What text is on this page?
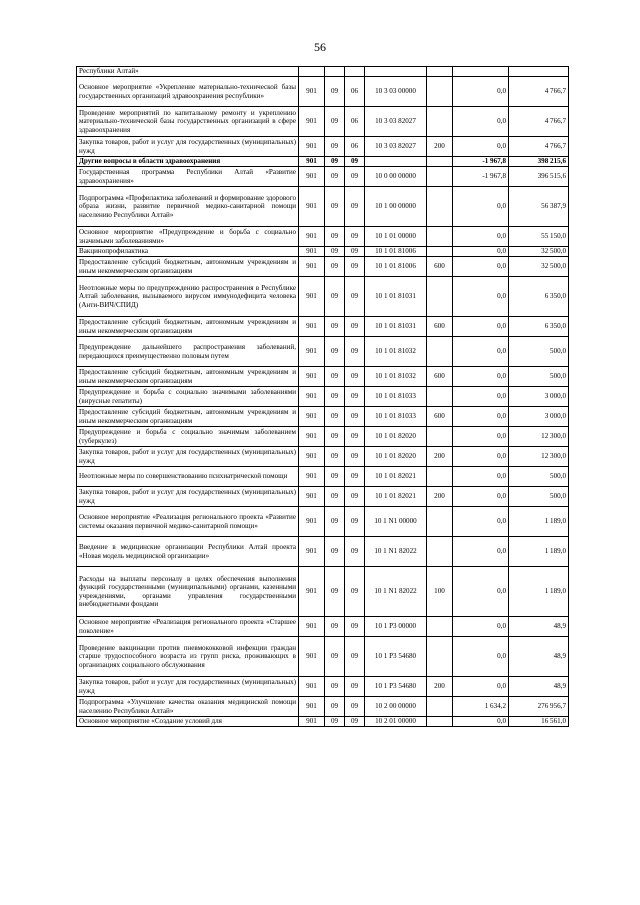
56
Республики Алтай»							
Основное мероприятие «Укрепление материально-технической базы государственных организаций здравоохранения республики»	901	09	06	10 3 03 00000		0,0	4 766,7
Проведение мероприятий по капитальному ремонту и укреплению материально-технической базы государственных организаций в сфере здравоохранения	901	09	06	10 3 03 82027		0,0	4 766,7
Закупка товаров, работ и услуг для государственных (муниципальных) нужд	901	09	06	10 3 03 82027	200	0,0	4 766,7
Другие вопросы в области здравоохранения	901	09	09			-1 967,8	398 215,6
Государственная программа Республики Алтай «Развитие здравоохранения»	901	09	09	10 0 00 00000		-1 967,8	396 515,6
Подпрограмма «Профилактика заболеваний и формирование здорового образа жизни, развитие первичной медико-санитарной помощи населению Республики Алтай»	901	09	09	10 1 00 00000		0,0	56 387,9
Основное мероприятие «Предупреждение и борьба с социально значимыми заболеваниями»	901	09	09	10 1 01 00000		0,0	55 150,0
Вакцинопрофилактика	901	09	09	10 1 01 81006		0,0	32 500,0
Предоставление субсидий бюджетным, автономным учреждениям и иным некоммерческим организациям	901	09	09	10 1 01 81006	600	0,0	32 500,0
Неотложные меры по предупреждению распространения в Республике Алтай заболевания, вызываемого вирусом иммунодефицита человека (Анти-ВИЧ/СПИД)	901	09	09	10 1 01 81031		0,0	6 350,0
Предоставление субсидий бюджетным, автономным учреждениям и иным некоммерческим организациям	901	09	09	10 1 01 81031	600	0,0	6 350,0
Предупреждение дальнейшего распространения заболеваний, передающихся преимущественно половым путем	901	09	09	10 1 01 81032		0,0	500,0
Предоставление субсидий бюджетным, автономным учреждениям и иным некоммерческим организациям	901	09	09	10 1 01 81032	600	0,0	500,0
Предупреждение и борьба с социально значимыми заболеваниями (вирусные гепатиты)	901	09	09	10 1 01 81033		0,0	3 000,0
Предоставление субсидий бюджетным, автономным учреждениям и иным некоммерческим организациям	901	09	09	10 1 01 81033	600	0,0	3 000,0
Предупреждение и борьба с социально значимым заболеванием (туберкулез)	901	09	09	10 1 01 82020		0,0	12 300,0
Закупка товаров, работ и услуг для государственных (муниципальных) нужд	901	09	09	10 1 01 82020	200	0,0	12 300,0
Неотложные меры по совершенствованию психиатрической помощи	901	09	09	10 1 01 82021		0,0	500,0
Закупка товаров, работ и услуг для государственных (муниципальных) нужд	901	09	09	10 1 01 82021	200	0,0	500,0
Основное мероприятие «Реализация регионального проекта «Развитие системы оказания первичной медико-санитарной помощи»	901	09	09	10 1 N1 00000		0,0	1 189,0
Введение в медицинские организации Республики Алтай проекта «Новая модель медицинской организации»	901	09	09	10 1 N1 82022		0,0	1 189,0
Расходы на выплаты персоналу в целях обеспечения выполнения функций государственными (муниципальными) органами, казенными учреждениями, органами управления государственными внебюджетными фондами	901	09	09	10 1 N1 82022	100	0,0	1 189,0
Основное мероприятие «Реализация регионального проекта «Старшее поколение»	901	09	09	10 1 P3 00000		0,0	48,9
Проведение вакцинации против пневмококковой инфекции граждан старше трудоспособного возраста из групп риска, проживающих в организациях социального обслуживания	901	09	09	10 1 P3 54680		0,0	48,9
Закупка товаров, работ и услуг для государственных (муниципальных) нужд	901	09	09	10 1 P3 54680	200	0,0	48,9
Подпрограмма «Улучшение качества оказания медицинской помощи населению Республики Алтай»	901	09	09	10 2 00 00000		1 634,2	276 956,7
Основное мероприятие «Создание условий для	901	09	09	10 2 01 00000		0,0	16 561,0
